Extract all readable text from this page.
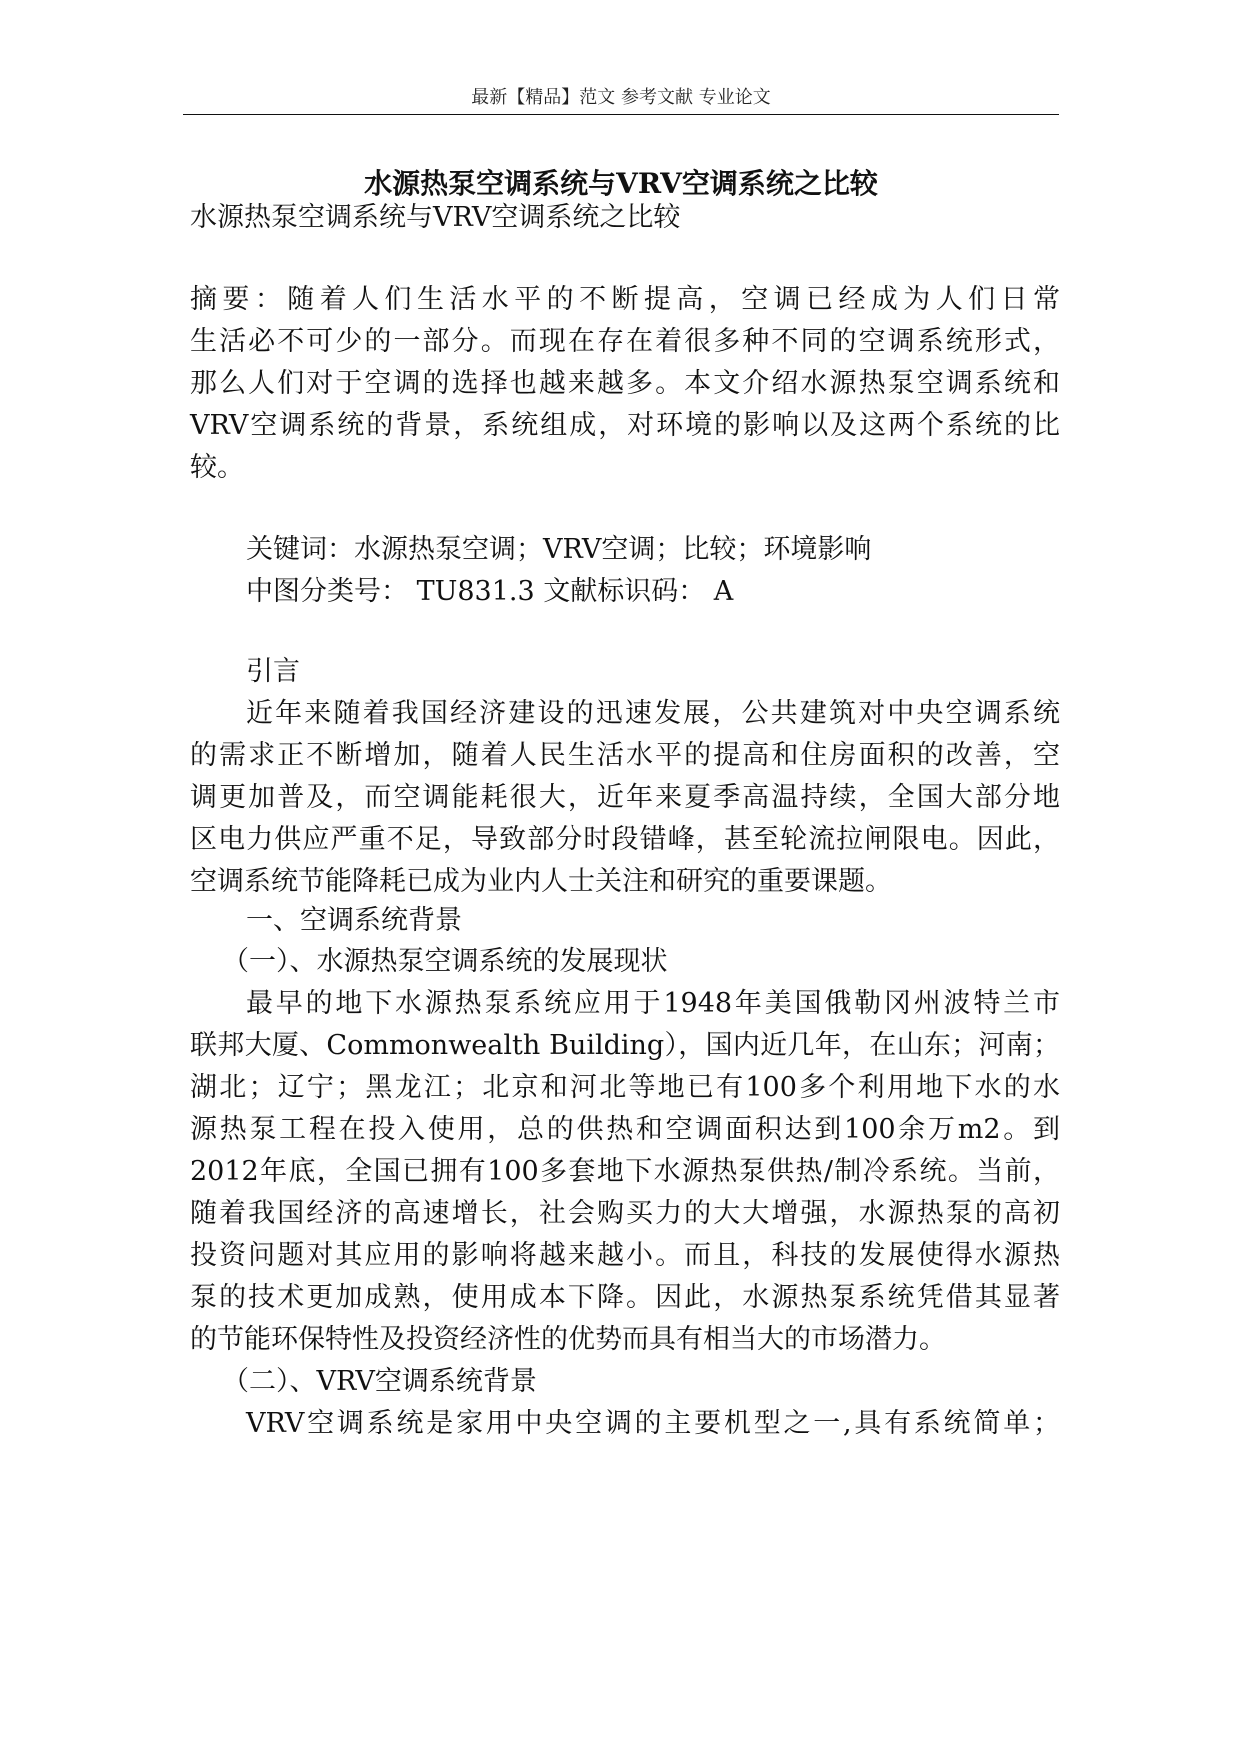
最新【精品】范文 参考文献 专业论文
水源热泵空调系统与VRV空调系统之比较
水源热泵空调系统与VRV空调系统之比较
摘要：随着人们生活水平的不断提高，空调已经成为人们日常
生活必不可少的一部分。而现在存在着很多种不同的空调系统形式，
那么人们对于空调的选择也越来越多。本文介绍水源热泵空调系统和
VRV空调系统的背景，系统组成，对环境的影响以及这两个系统的比
较。
关键词：水源热泵空调；VRV空调；比较；环境影响
中图分类号： TU831.3 文献标识码： A
引言
近年来随着我国经济建设的迅速发展，公共建筑对中央空调系统
的需求正不断增加，随着人民生活水平的提高和住房面积的改善，空
调更加普及，而空调能耗很大，近年来夏季高温持续，全国大部分地
区电力供应严重不足，导致部分时段错峰，甚至轮流拉闸限电。因此，
空调系统节能降耗已成为业内人士关注和研究的重要课题。
一、空调系统背景
（一）、水源热泵空调系统的发展现状
最早的地下水源热泵系统应用于1948年美国俄勒冈州波特兰市
联邦大厦、Commonwealth Building），国内近几年，在山东；河南；
湖北；辽宁；黑龙江；北京和河北等地已有100多个利用地下水的水
源热泵工程在投入使用，总的供热和空调面积达到100余万m2。到
2012年底，全国已拥有100多套地下水源热泵供热/制冷系统。当前，
随着我国经济的高速增长，社会购买力的大大增强，水源热泵的高初
投资问题对其应用的影响将越来越小。而且，科技的发展使得水源热
泵的技术更加成熟，使用成本下降。因此，水源热泵系统凭借其显著
的节能环保特性及投资经济性的优势而具有相当大的市场潜力。
（二）、VRV空调系统背景
VRV空调系统是家用中央空调的主要机型之一,具有系统简单；
